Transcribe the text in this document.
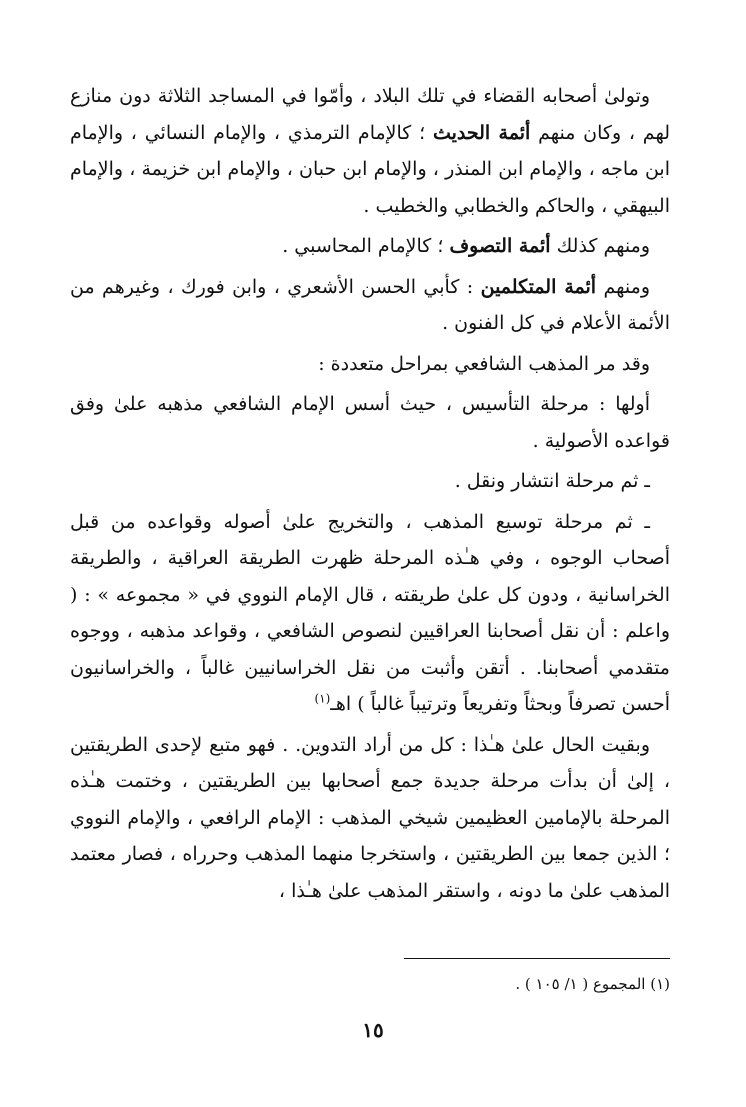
وتولىٰ أصحابه القضاء في تلك البلاد ، وأمّوا في المساجد الثلاثة دون منازع لهم ، وكان منهم أئمة الحديث ؛ كالإمام الترمذي ، والإمام النسائي ، والإمام ابن ماجه ، والإمام ابن المنذر ، والإمام ابن حبان ، والإمام ابن خزيمة ، والإمام البيهقي ، والحاكم والخطابي والخطيب .

ومنهم كذلك أئمة التصوف ؛ كالإمام المحاسبي .

ومنهم أئمة المتكلمين : كأبي الحسن الأشعري ، وابن فورك ، وغيرهم من الأئمة الأعلام في كل الفنون .

وقد مر المذهب الشافعي بمراحل متعددة :

أولها : مرحلة التأسيس ، حيث أسس الإمام الشافعي مذهبه علىٰ وفق قواعده الأصولية .

ـ ثم مرحلة انتشار ونقل .

ـ ثم مرحلة توسيع المذهب ، والتخريج علىٰ أصوله وقواعده من قبل أصحاب الوجوه ، وفي هـٰذه المرحلة ظهرت الطريقة العراقية ، والطريقة الخراسانية ، ودون كل علىٰ طريقته ، قال الإمام النووي في « مجموعه » : ( واعلم : أن نقل أصحابنا العراقيين لنصوص الشافعي ، وقواعد مذهبه ، ووجوه متقدمي أصحابنا. . أتقن وأثبت من نقل الخراسانيين غالباً ، والخراسانيون أحسن تصرفاً وبحثاً وتفريعاً وترتيباً غالباً ) اهـ$^{(١)}$

وبقيت الحال علىٰ هـٰذا : كل من أراد التدوين. . فهو متبع لإحدى الطريقتين ، إلىٰ أن بدأت مرحلة جديدة جمع أصحابها بين الطريقتين ، وختمت هـٰذه المرحلة بالإمامين العظيمين شيخي المذهب : الإمام الرافعي ، والإمام النووي ؛ الذين جمعا بين الطريقتين ، واستخرجا منهما المذهب وحرراه ، فصار معتمد المذهب علىٰ ما دونه ، واستقر المذهب علىٰ هـٰذا ،

(١) المجموع ( ١/ ١٠٥ ) .
١٥
